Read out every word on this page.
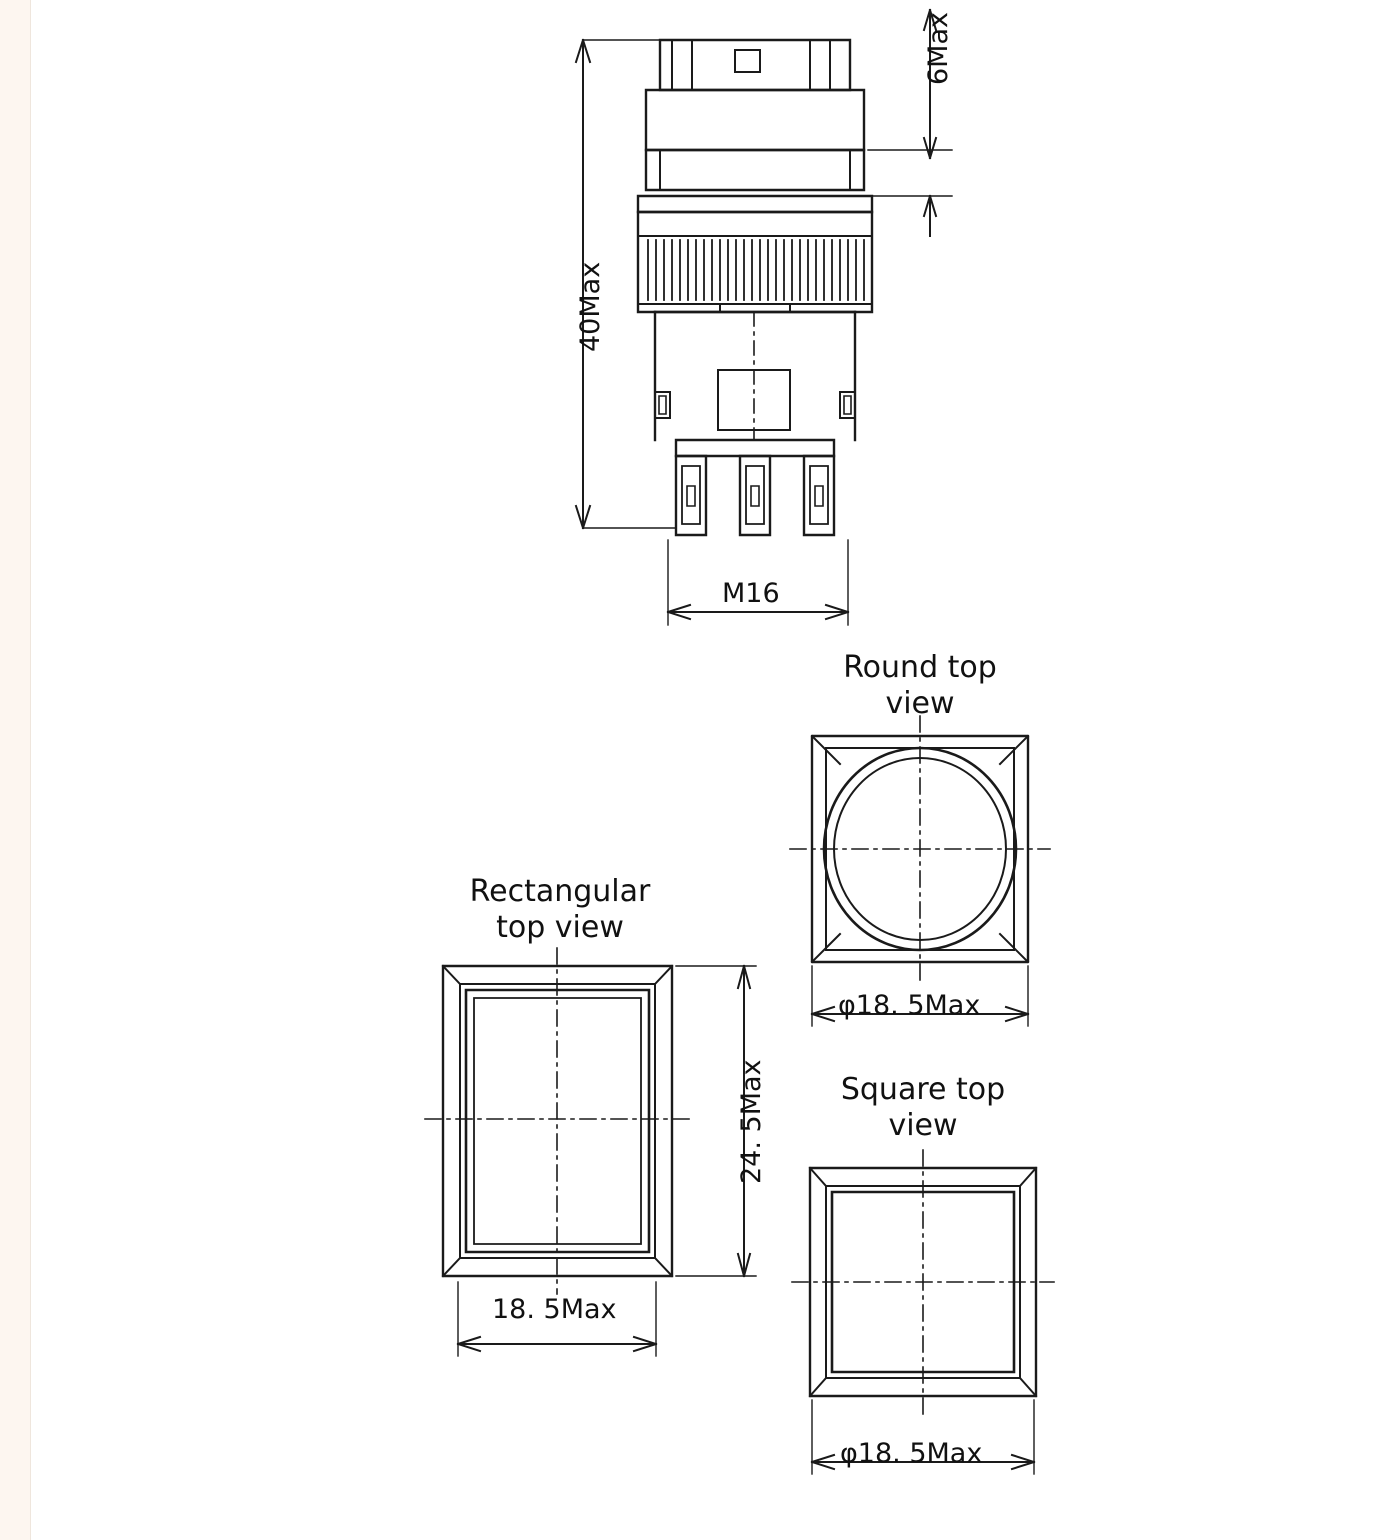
40Max
6Max
M16
Round top
view
φ18. 5Max
Rectangular
top view
24. 5Max
18. 5Max
Square top
view
φ18. 5Max
